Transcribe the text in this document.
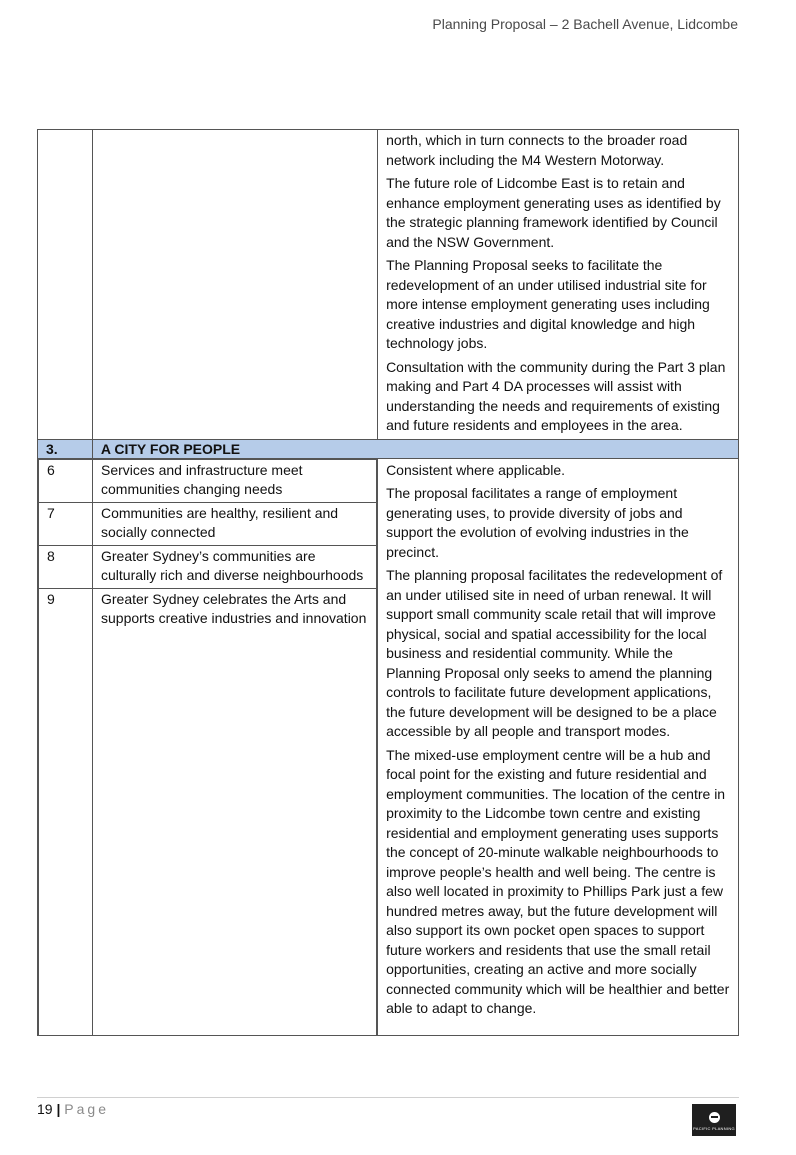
Planning Proposal – 2 Bachell Avenue, Lidcombe

north, which in turn connects to the broader road network including the M4 Western Motorway.

The future role of Lidcombe East is to retain and enhance employment generating uses as identified by the strategic planning framework identified by Council and the NSW Government.

The Planning Proposal seeks to facilitate the redevelopment of an under utilised industrial site for more intense employment generating uses including creative industries and digital knowledge and high technology jobs.

Consultation with the community during the Part 3 plan making and Part 4 DA processes will assist with understanding the needs and requirements of existing and future residents and employees in the area.

3.	A CITY FOR PEOPLE

6	Services and infrastructure meet communities changing needs
7	Communities are healthy, resilient and socially connected
8	Greater Sydney’s communities are culturally rich and diverse neighbourhoods
9	Greater Sydney celebrates the Arts and supports creative industries and innovation

Consistent where applicable.

The proposal facilitates a range of employment generating uses, to provide diversity of jobs and support the evolution of evolving industries in the precinct.

The planning proposal facilitates the redevelopment of an under utilised site in need of urban renewal. It will support small community scale retail that will improve physical, social and spatial accessibility for the local business and residential community. While the Planning Proposal only seeks to amend the planning controls to facilitate future development applications, the future development will be designed to be a place accessible by all people and transport modes.

The mixed-use employment centre will be a hub and focal point for the existing and future residential and employment communities. The location of the centre in proximity to the Lidcombe town centre and existing residential and employment generating uses supports the concept of 20-minute walkable neighbourhoods to improve people’s health and well being. The centre is also well located in proximity to Phillips Park just a few hundred metres away, but the future development will also support its own pocket open spaces to support future workers and residents that use the small retail opportunities, creating an active and more socially connected community which will be healthier and better able to adapt to change.

19 | Page
PACIFIC PLANNING
